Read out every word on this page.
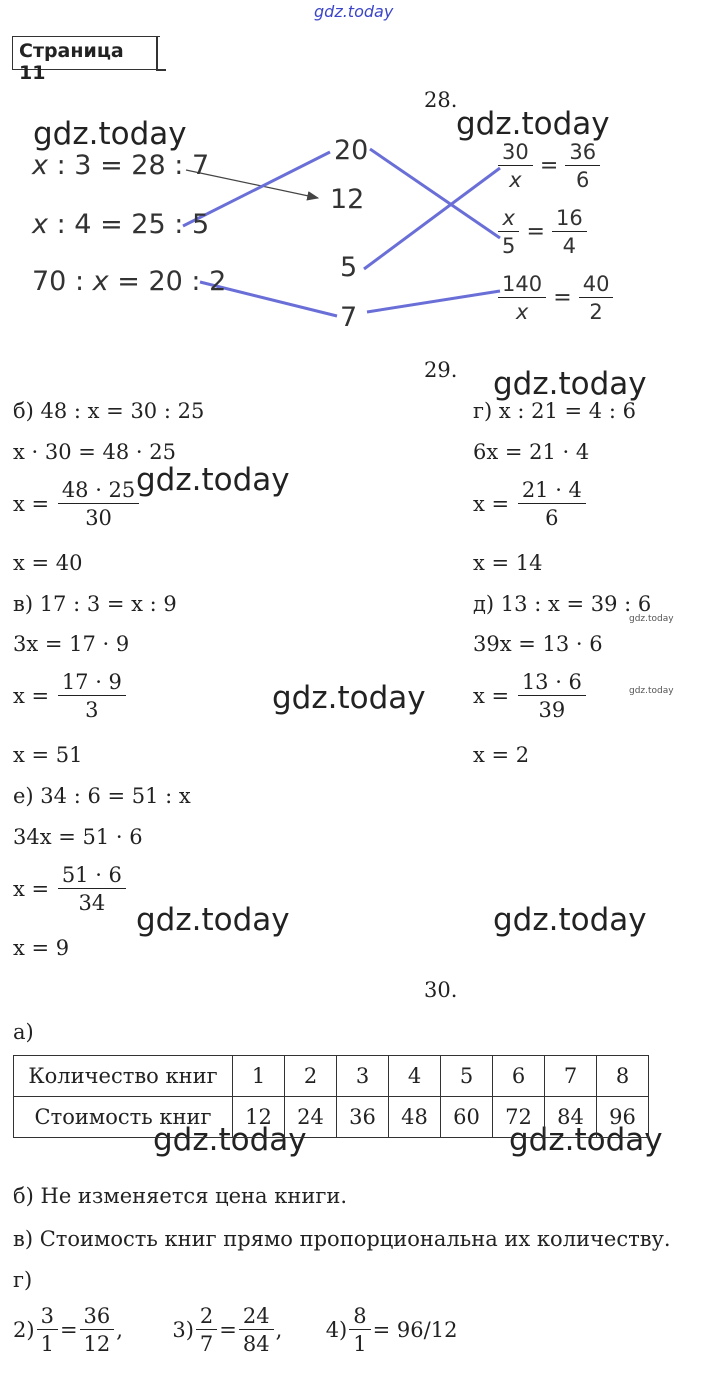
gdz.today
gdz.today	gdz.today
gdz.today
gdz.today
gdz.today
gdz.today
gdz.today
gdz.today	gdz.today
gdz.today	gdz.today
Страница 11
28.
x : 3 = 28 : 7
x : 4 = 25 : 5
70 : x = 20 : 2
20
12
5
7
$\frac{30}{x} = \frac{36}{6}$
$\frac{x}{5} = \frac{16}{4}$
$\frac{140}{x} = \frac{40}{2}$
29.
б) 48 : x = 30 : 25
x · 30 = 48 · 25
$x = \frac{48 \cdot 25}{30}$
x = 40
в) 17 : 3 = x : 9
3x = 17 · 9
$x = \frac{17 \cdot 9}{3}$
x = 51
е) 34 : 6 = 51 : x
34x = 51 · 6
$x = \frac{51 \cdot 6}{34}$
x = 9
г) x : 21 = 4 : 6
6x = 21 · 4
$x = \frac{21 \cdot 4}{6}$
x = 14
д) 13 : x = 39 : 6
39x = 13 · 6
$x = \frac{13 \cdot 6}{39}$
x = 2
30.
а)
Количество книг	1	2	3	4	5	6	7	8
Стоимость книг	12	24	36	48	60	72	84	96
б) Не изменяется цена книги.
в) Стоимость книг прямо пропорциональна их количеству.
г)
$2) \frac{3}{1} = \frac{36}{12}$ , $3) \frac{2}{7} = \frac{24}{84}$ , $4) \frac{8}{1} = 96/12$
